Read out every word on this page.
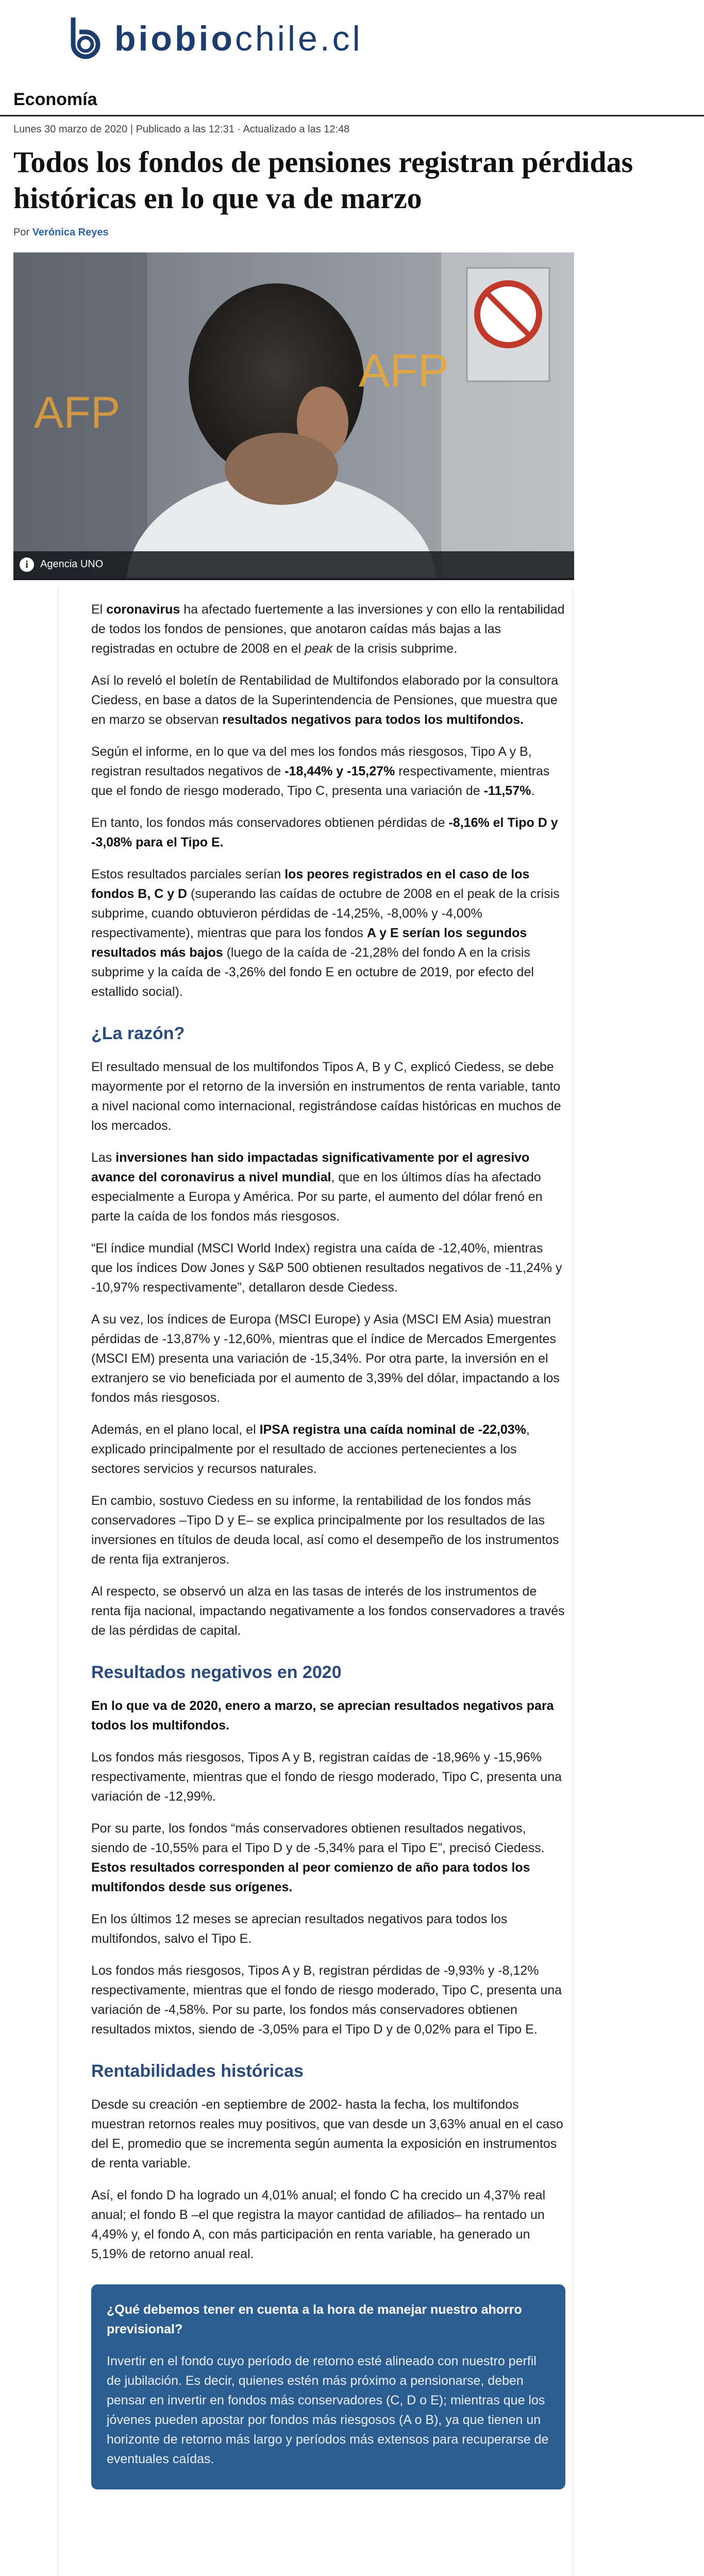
biobiochile.cl
Economía
Lunes 30 marzo de 2020 | Publicado a las 12:31 · Actualizado a las 12:48
Todos los fondos de pensiones registran pérdidas históricas en lo que va de marzo
Por Verónica Reyes
AFP
AFP
i	Agencia UNO

El coronavirus ha afectado fuertemente a las inversiones y con ello la rentabilidad de todos los fondos de pensiones, que anotaron caídas más bajas a las registradas en octubre de 2008 en el peak de la crisis subprime.

Así lo reveló el boletín de Rentabilidad de Multifondos elaborado por la consultora Ciedess, en base a datos de la Superintendencia de Pensiones, que muestra que en marzo se observan resultados negativos para todos los multifondos.

Según el informe, en lo que va del mes los fondos más riesgosos, Tipo A y B, registran resultados negativos de -18,44% y -15,27% respectivamente, mientras que el fondo de riesgo moderado, Tipo C, presenta una variación de -11,57%.

En tanto, los fondos más conservadores obtienen pérdidas de -8,16% el Tipo D y -3,08% para el Tipo E.

Estos resultados parciales serían los peores registrados en el caso de los fondos B, C y D (superando las caídas de octubre de 2008 en el peak de la crisis subprime, cuando obtuvieron pérdidas de -14,25%, -8,00% y -4,00% respectivamente), mientras que para los fondos A y E serían los segundos resultados más bajos (luego de la caída de -21,28% del fondo A en la crisis subprime y la caída de -3,26% del fondo E en octubre de 2019, por efecto del estallido social).

¿La razón?

El resultado mensual de los multifondos Tipos A, B y C, explicó Ciedess, se debe mayormente por el retorno de la inversión en instrumentos de renta variable, tanto a nivel nacional como internacional, registrándose caídas históricas en muchos de los mercados.

Las inversiones han sido impactadas significativamente por el agresivo avance del coronavirus a nivel mundial, que en los últimos días ha afectado especialmente a Europa y América. Por su parte, el aumento del dólar frenó en parte la caída de los fondos más riesgosos.

“El índice mundial (MSCI World Index) registra una caída de -12,40%, mientras que los índices Dow Jones y S&P 500 obtienen resultados negativos de -11,24% y -10,97% respectivamente”, detallaron desde Ciedess.

A su vez, los índices de Europa (MSCI Europe) y Asia (MSCI EM Asia) muestran pérdidas de -13,87% y -12,60%, mientras que el índice de Mercados Emergentes (MSCI EM) presenta una variación de -15,34%. Por otra parte, la inversión en el extranjero se vio beneficiada por el aumento de 3,39% del dólar, impactando a los fondos más riesgosos.

Además, en el plano local, el IPSA registra una caída nominal de -22,03%, explicado principalmente por el resultado de acciones pertenecientes a los sectores servicios y recursos naturales.

En cambio, sostuvo Ciedess en su informe, la rentabilidad de los fondos más conservadores –Tipo D y E– se explica principalmente por los resultados de las inversiones en títulos de deuda local, así como el desempeño de los instrumentos de renta fija extranjeros.

Al respecto, se observó un alza en las tasas de interés de los instrumentos de renta fija nacional, impactando negativamente a los fondos conservadores a través de las pérdidas de capital.

Resultados negativos en 2020

En lo que va de 2020, enero a marzo, se aprecian resultados negativos para todos los multifondos.

Los fondos más riesgosos, Tipos A y B, registran caídas de -18,96% y -15,96% respectivamente, mientras que el fondo de riesgo moderado, Tipo C, presenta una variación de -12,99%.

Por su parte, los fondos “más conservadores obtienen resultados negativos, siendo de -10,55% para el Tipo D y de -5,34% para el Tipo E”, precisó Ciedess. Estos resultados corresponden al peor comienzo de año para todos los multifondos desde sus orígenes.

En los últimos 12 meses se aprecian resultados negativos para todos los multifondos, salvo el Tipo E.

Los fondos más riesgosos, Tipos A y B, registran pérdidas de -9,93% y -8,12% respectivamente, mientras que el fondo de riesgo moderado, Tipo C, presenta una variación de -4,58%. Por su parte, los fondos más conservadores obtienen resultados mixtos, siendo de -3,05% para el Tipo D y de 0,02% para el Tipo E.

Rentabilidades históricas

Desde su creación -en septiembre de 2002- hasta la fecha, los multifondos muestran retornos reales muy positivos, que van desde un 3,63% anual en el caso del E, promedio que se incrementa según aumenta la exposición en instrumentos de renta variable.

Así, el fondo D ha logrado un 4,01% anual; el fondo C ha crecido un 4,37% real anual; el fondo B –el que registra la mayor cantidad de afiliados– ha rentado un 4,49% y, el fondo A, con más participación en renta variable, ha generado un 5,19% de retorno anual real.

¿Qué debemos tener en cuenta a la hora de manejar nuestro ahorro previsional?

Invertir en el fondo cuyo período de retorno esté alineado con nuestro perfil de jubilación. Es decir, quienes estén más próximo a pensionarse, deben pensar en invertir en fondos más conservadores (C, D o E); mientras que los jóvenes pueden apostar por fondos más riesgosos (A o B), ya que tienen un horizonte de retorno más largo y períodos más extensos para recuperarse de eventuales caídas.
